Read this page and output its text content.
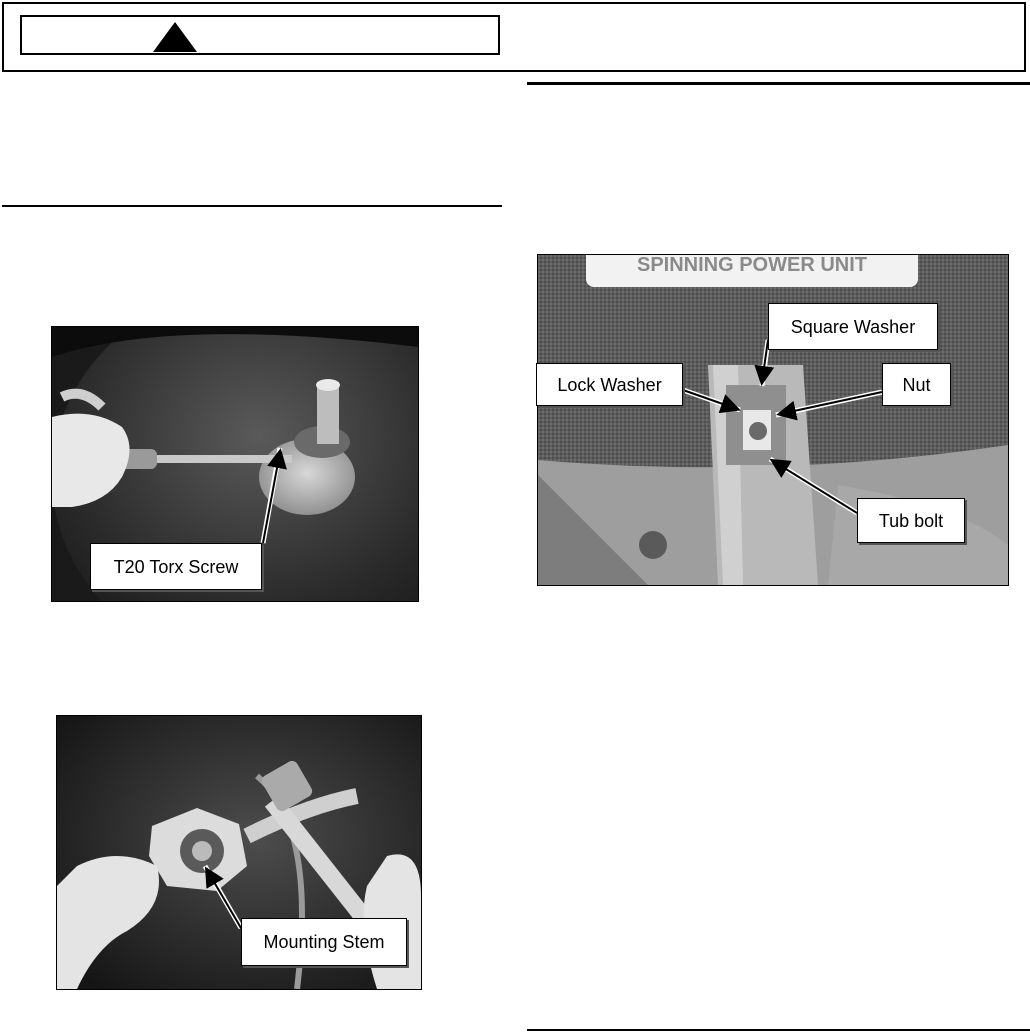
SPINNING POWER UNIT
T20 Torx Screw
Mounting Stem
Square Washer
Lock Washer	Nut
Tub bolt
